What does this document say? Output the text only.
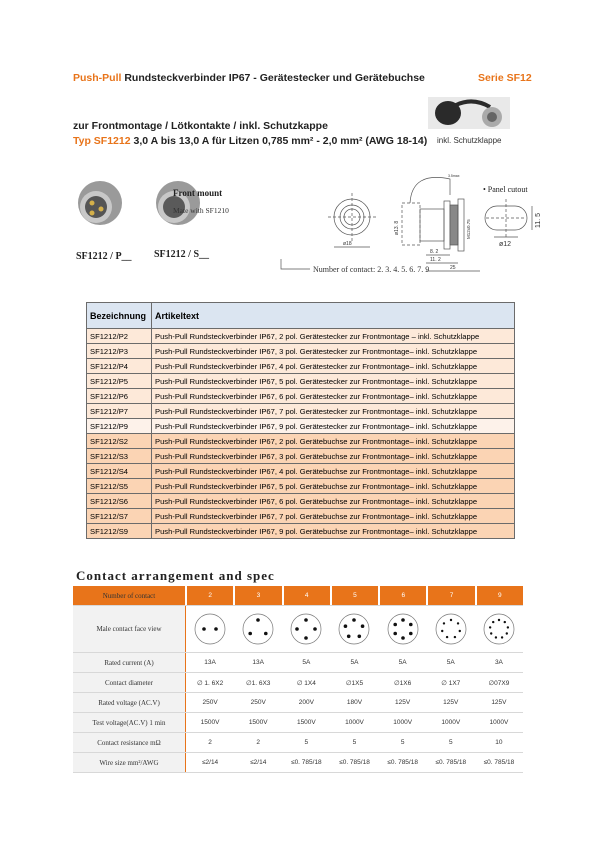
Push-Pull Rundsteckverbinder IP67 - Gerätestecker und Gerätebuchse	Serie SF12
zur Frontmontage / Lötkontakte / inkl. Schutzkappe
Typ SF1212 3,0 A bis 13,0 A für Litzen 0,785 mm² - 2,0 mm² (AWG 18-14) inkl. Schutzklappe
SF1212 / P__ SF1212 / S__
Number of contact: 2. 3. 4. 5. 6. 7. 9
Front mount
Mate with SF1210
ø18
ø13. 8	M12x0.75
8. 2
11. 2
25
3.5max
11. 5
ø12
• Panel cutout
Bezeichnung	Artikeltext
SF1212/P2	Push-Pull Rundsteckverbinder IP67, 2 pol. Gerätestecker zur Frontmontage – inkl. Schutzklappe
SF1212/P3	Push-Pull Rundsteckverbinder IP67, 3 pol. Gerätestecker zur Frontmontage– inkl. Schutzklappe
SF1212/P4	Push-Pull Rundsteckverbinder IP67, 4 pol. Gerätestecker zur Frontmontage– inkl. Schutzklappe
SF1212/P5	Push-Pull Rundsteckverbinder IP67, 5 pol. Gerätestecker zur Frontmontage– inkl. Schutzklappe
SF1212/P6	Push-Pull Rundsteckverbinder IP67, 6 pol. Gerätestecker zur Frontmontage– inkl. Schutzklappe
SF1212/P7	Push-Pull Rundsteckverbinder IP67, 7 pol. Gerätestecker zur Frontmontage– inkl. Schutzklappe
SF1212/P9	Push-Pull Rundsteckverbinder IP67, 9 pol. Gerätestecker zur Frontmontage– inkl. Schutzklappe
SF1212/S2	Push-Pull Rundsteckverbinder IP67, 2 pol. Gerätebuchse zur Frontmontage– inkl. Schutzklappe
SF1212/S3	Push-Pull Rundsteckverbinder IP67, 3 pol. Gerätebuchse zur Frontmontage– inkl. Schutzklappe
SF1212/S4	Push-Pull Rundsteckverbinder IP67, 4 pol. Gerätebuchse zur Frontmontage– inkl. Schutzklappe
SF1212/S5	Push-Pull Rundsteckverbinder IP67, 5 pol. Gerätebuchse zur Frontmontage– inkl. Schutzklappe
SF1212/S6	Push-Pull Rundsteckverbinder IP67, 6 pol. Gerätebuchse zur Frontmontage– inkl. Schutzklappe
SF1212/S7	Push-Pull Rundsteckverbinder IP67, 7 pol. Gerätebuchse zur Frontmontage– inkl. Schutzklappe
SF1212/S9	Push-Pull Rundsteckverbinder IP67, 9 pol. Gerätebuchse zur Frontmontage– inkl. Schutzklappe
Contact arrangement and spec
Number of contact	2	3	4	5	6	7	9
Male contact face view
Rated current (A)	13A	13A	5A	5A	5A	5A	3A
Contact diameter	∅ 1. 6X2	∅1. 6X3	∅ 1X4	∅1X5	∅1X6	∅ 1X7	∅07X9
Rated voltage (AC.V)	250V	250V	200V	180V	125V	125V	125V
Test voltage(AC.V) 1 min	1500V	1500V	1500V	1000V	1000V	1000V	1000V
Contact resistance mΩ	2	2	5	5	5	5	10
Wire size mm²/AWG	≤2/14	≤2/14	≤0. 785/18	≤0. 785/18	≤0. 785/18	≤0. 785/18	≤0. 785/18
